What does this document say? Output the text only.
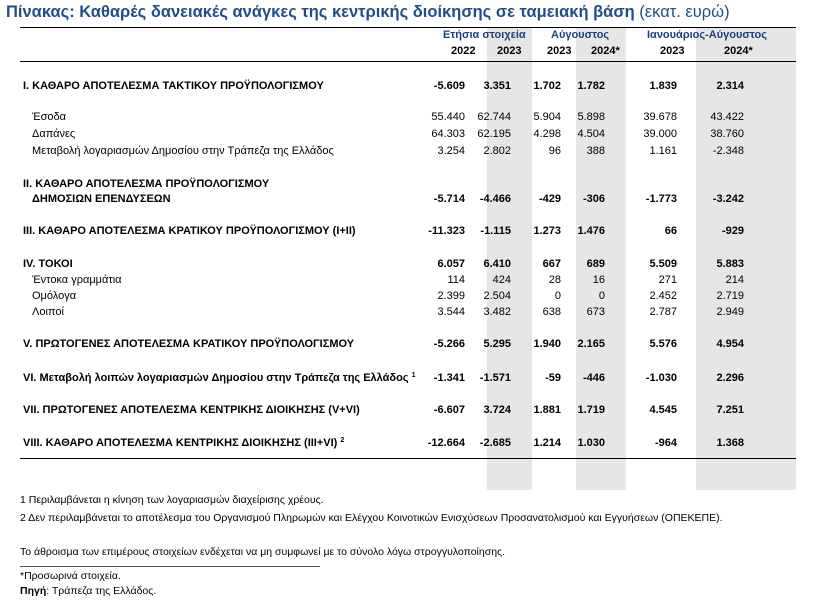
Πίνακας: Καθαρές δανειακές ανάγκες της κεντρικής διοίκησης σε ταμειακή βάση (εκατ. ευρώ)
Ετήσια στοιχεία Αύγουστος	Ιανουάριος-Αύγουστος
2022 2023 2023 2024*	2023	2024*
I. ΚΑΘΑΡΟ ΑΠΟΤΕΛΕΣΜΑ ΤΑΚΤΙΚΟΥ ΠΡΟΫΠΟΛΟΓΙΣΜΟΥ	-5.609	3.351	1.702	1.782	1.839	2.314
Έσοδα	55.440	62.744	5.904	5.898	39.678	43.422
Δαπάνες	64.303	62.195	4.298	4.504	39.000	38.760
Μεταβολή λογαριασμών Δημοσίου στην Τράπεζα της Ελλάδος	3.254	2.802	96	388	1.161	-2.348
II. ΚΑΘΑΡΟ ΑΠΟΤΕΛΕΣΜΑ ΠΡΟΫΠΟΛΟΓΙΣΜΟΥ
ΔΗΜΟΣΙΩΝ ΕΠΕΝΔΥΣΕΩΝ	-5.714	-4.466	-429	-306	-1.773	-3.242
III. ΚΑΘΑΡΟ ΑΠΟΤΕΛΕΣΜΑ ΚΡΑΤΙΚΟΥ ΠΡΟΫΠΟΛΟΓΙΣΜΟΥ (I+II)	-11.323	-1.115	1.273	1.476	66	-929
IV. ΤΟΚΟΙ	6.057	6.410	667	689	5.509	5.883
Έντοκα γραμμάτια	114	424	28	16	271	214
Ομόλογα	2.399	2.504	0	0	2.452	2.719
Λοιποί	3.544	3.482	638	673	2.787	2.949
V. ΠΡΩΤΟΓΕΝΕΣ ΑΠΟΤΕΛΕΣΜΑ ΚΡΑΤΙΚΟΥ ΠΡΟΫΠΟΛΟΓΙΣΜΟΥ	-5.266	5.295	1.940	2.165	5.576	4.954
VI. Μεταβολή λοιπών λογαριασμών Δημοσίου στην Τράπεζα της Ελλάδος $^1$	-1.341	-1.571	-59	-446	-1.030	2.296
VII. ΠΡΩΤΟΓΕΝΕΣ ΑΠΟΤΕΛΕΣΜΑ ΚΕΝΤΡΙΚΗΣ ΔΙΟΙΚΗΣΗΣ (V+VI)	-6.607	3.724	1.881	1.719	4.545	7.251
VIII. ΚΑΘΑΡΟ ΑΠΟΤΕΛΕΣΜΑ ΚΕΝΤΡΙΚΗΣ ΔΙΟΙΚΗΣΗΣ (III+VI) $^2$	-12.664	-2.685	1.214	1.030	-964	1.368
1 Περιλαμβάνεται η κίνηση των λογαριασμών διαχείρισης χρέους.
2 Δεν περιλαμβάνεται το αποτέλεσμα του Οργανισμού Πληρωμών και Ελέγχου Κοινοτικών Ενισχύσεων Προσανατολισμού και Εγγυήσεων (ΟΠΕΚΕΠΕ).
Το άθροισμα των επιμέρους στοιχείων ενδέχεται να μη συμφωνεί με το σύνολο λόγω στρογγυλοποίησης.
*Προσωρινά στοιχεία.
Πηγή: Τράπεζα της Ελλάδος.
